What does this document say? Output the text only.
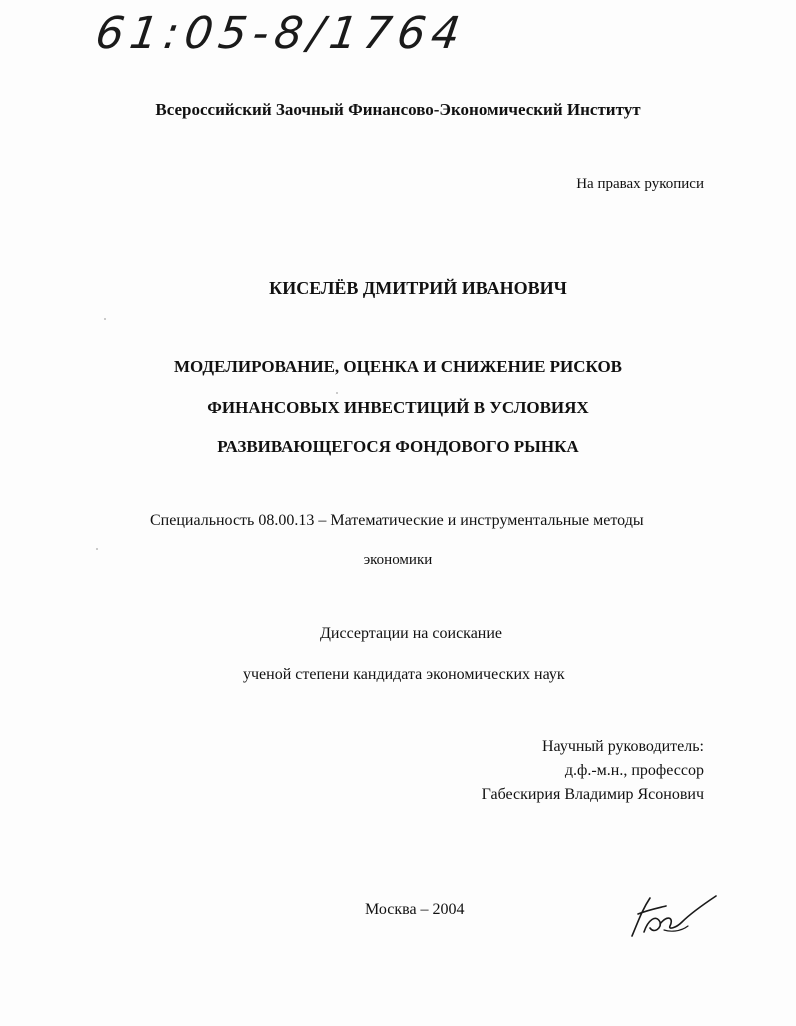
61:05-8/1764
Всероссийский Заочный Финансово-Экономический Институт
На правах рукописи
КИСЕЛЁВ ДМИТРИЙ ИВАНОВИЧ
МОДЕЛИРОВАНИЕ, ОЦЕНКА И СНИЖЕНИЕ РИСКОВ
ФИНАНСОВЫХ ИНВЕСТИЦИЙ В УСЛОВИЯХ
РАЗВИВАЮЩЕГОСЯ ФОНДОВОГО РЫНКА
Специальность 08.00.13 – Математические и инструментальные методы
экономики
Диссертации на соискание
ученой степени кандидата экономических наук
Научный руководитель:
д.ф.-м.н., профессор
Габескирия Владимир Ясонович
Москва – 2004
